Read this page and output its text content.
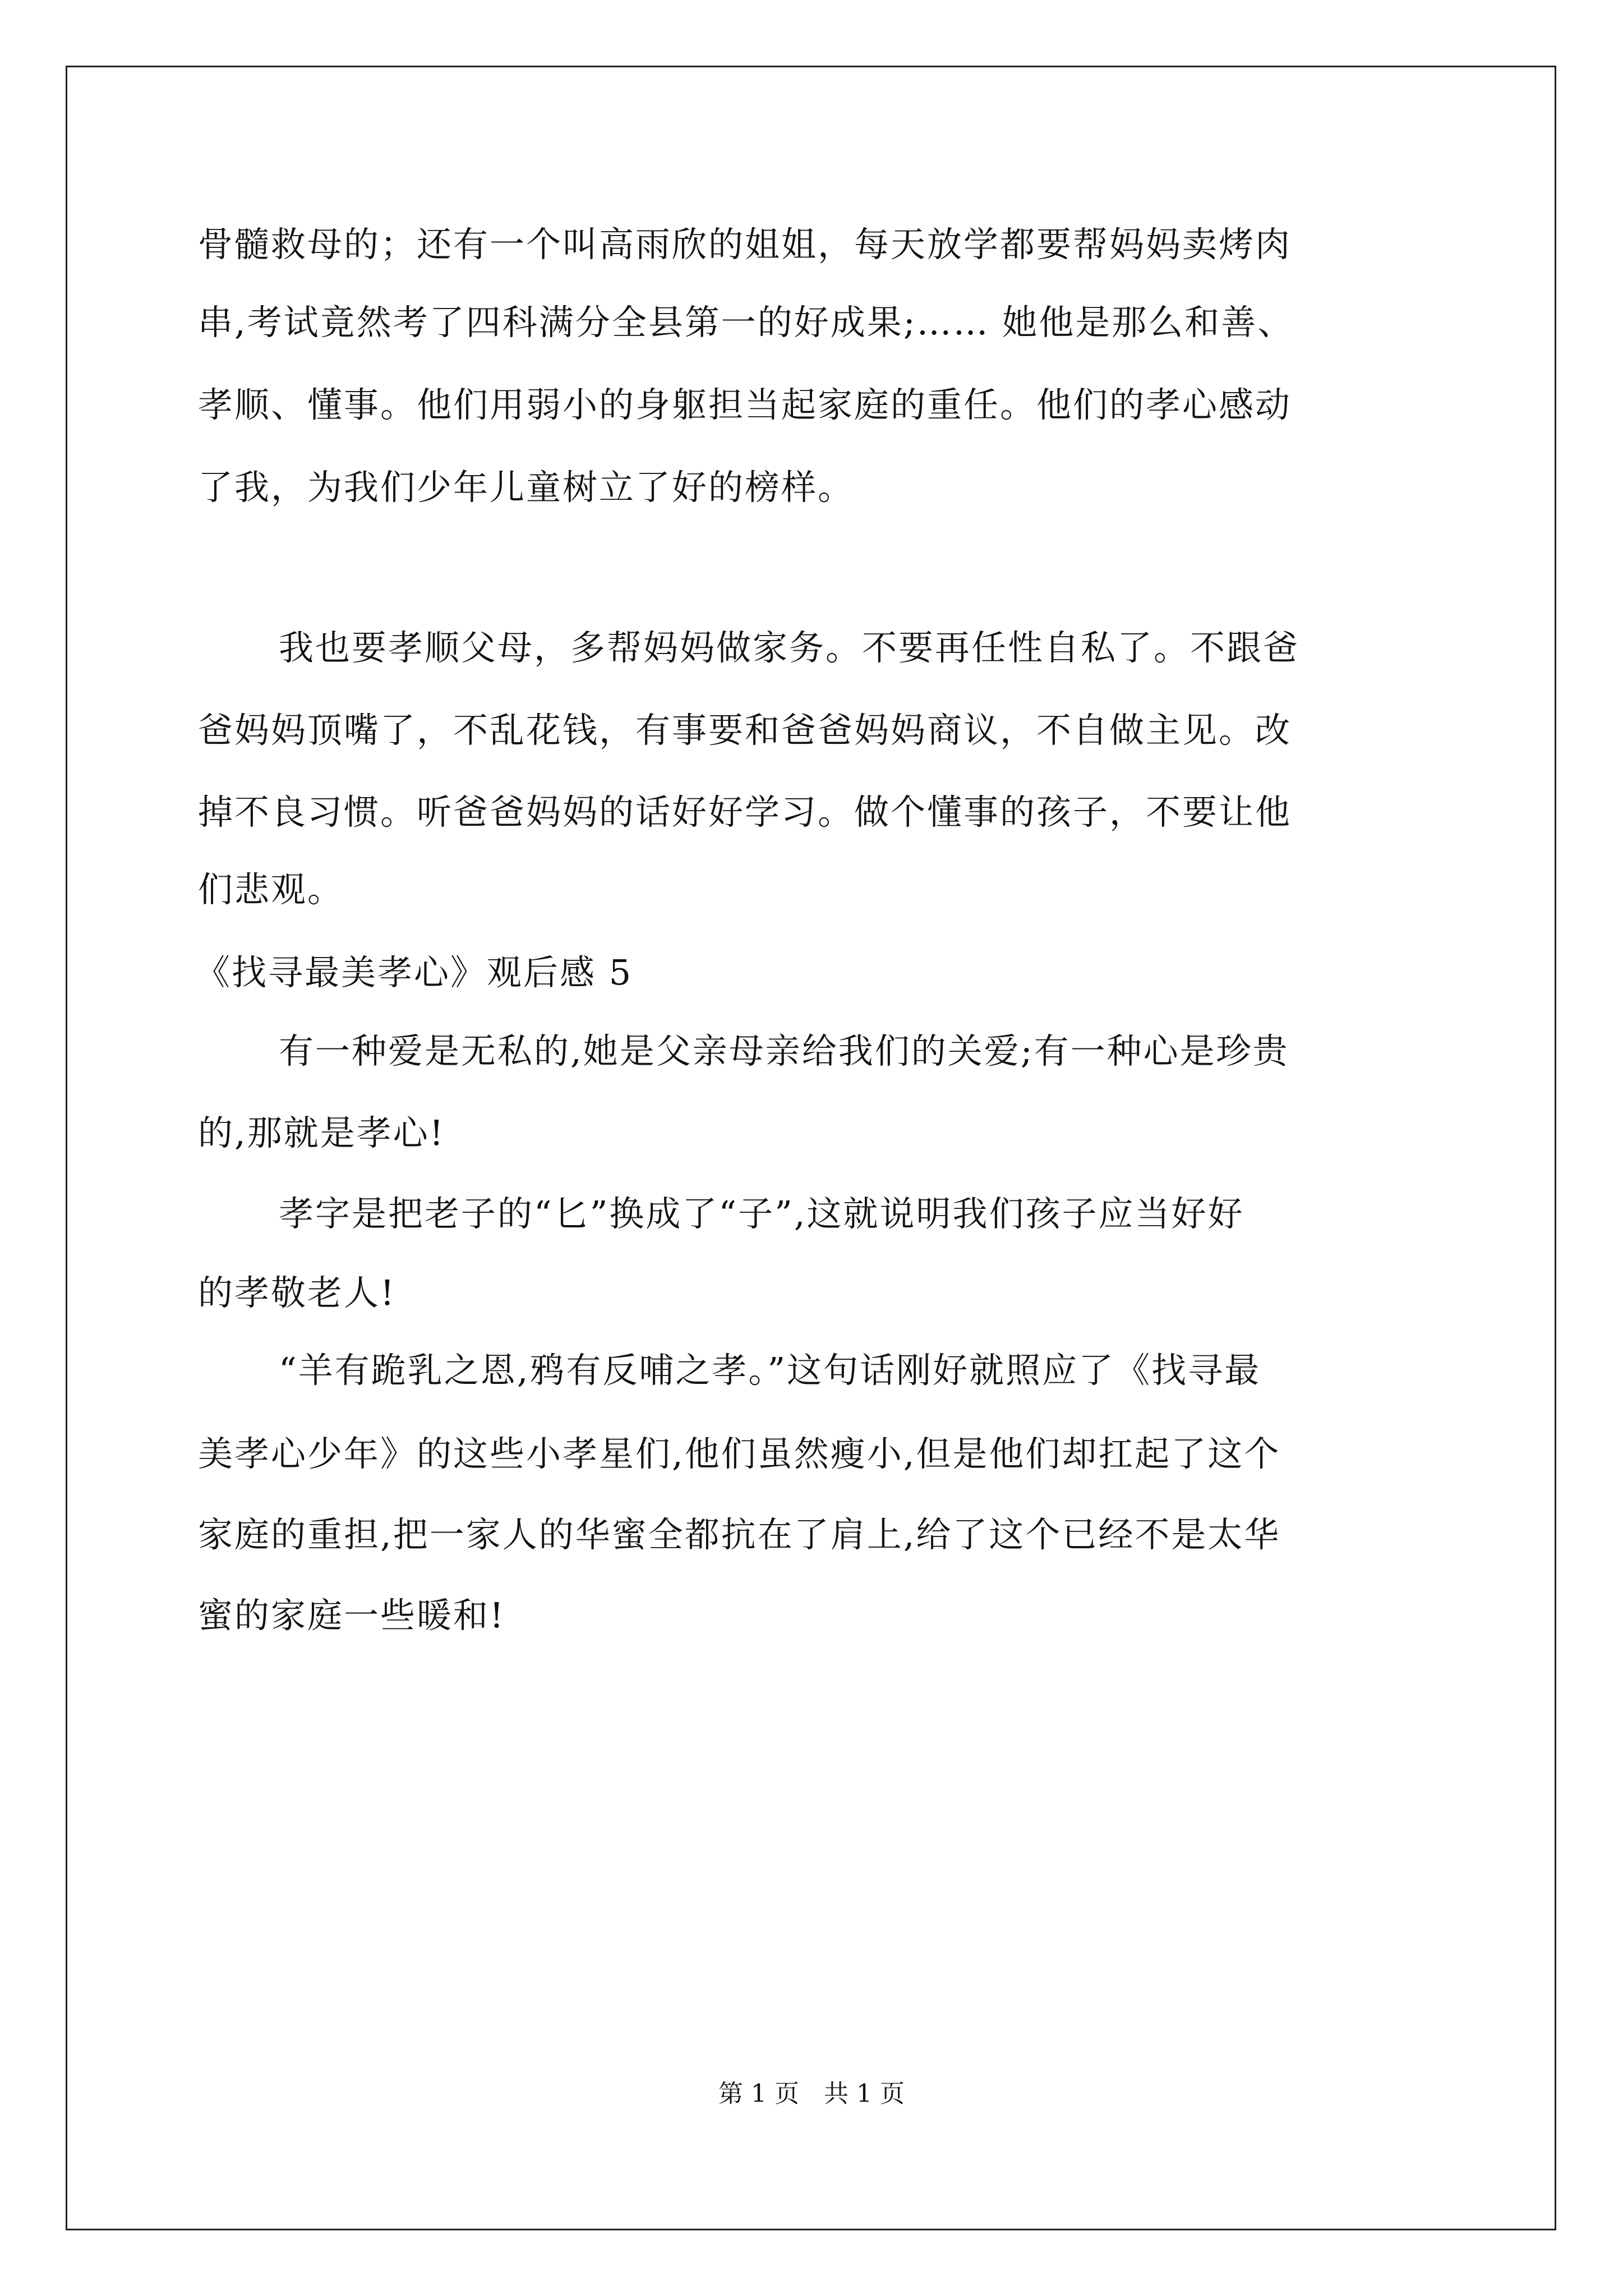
骨髓救母的；还有一个叫高雨欣的姐姐，每天放学都要帮妈妈卖烤肉
串,考试竟然考了四科满分全县第一的好成果;…… 她他是那么和善、
孝顺、懂事。他们用弱小的身躯担当起家庭的重任。他们的孝心感动
了我，为我们少年儿童树立了好的榜样。
我也要孝顺父母，多帮妈妈做家务。不要再任性自私了。不跟爸
爸妈妈顶嘴了，不乱花钱，有事要和爸爸妈妈商议，不自做主见。改
掉不良习惯。听爸爸妈妈的话好好学习。做个懂事的孩子，不要让他
们悲观。
《找寻最美孝心》观后感 5
有一种爱是无私的,她是父亲母亲给我们的关爱;有一种心是珍贵
的,那就是孝心!
孝字是把老子的“匕”换成了“子”,这就说明我们孩子应当好好
的孝敬老人!
“羊有跪乳之恩,鸦有反哺之孝。”这句话刚好就照应了《找寻最
美孝心少年》的这些小孝星们,他们虽然瘦小,但是他们却扛起了这个
家庭的重担,把一家人的华蜜全都抗在了肩上,给了这个已经不是太华
蜜的家庭一些暖和!
第 1 页　共 1 页
